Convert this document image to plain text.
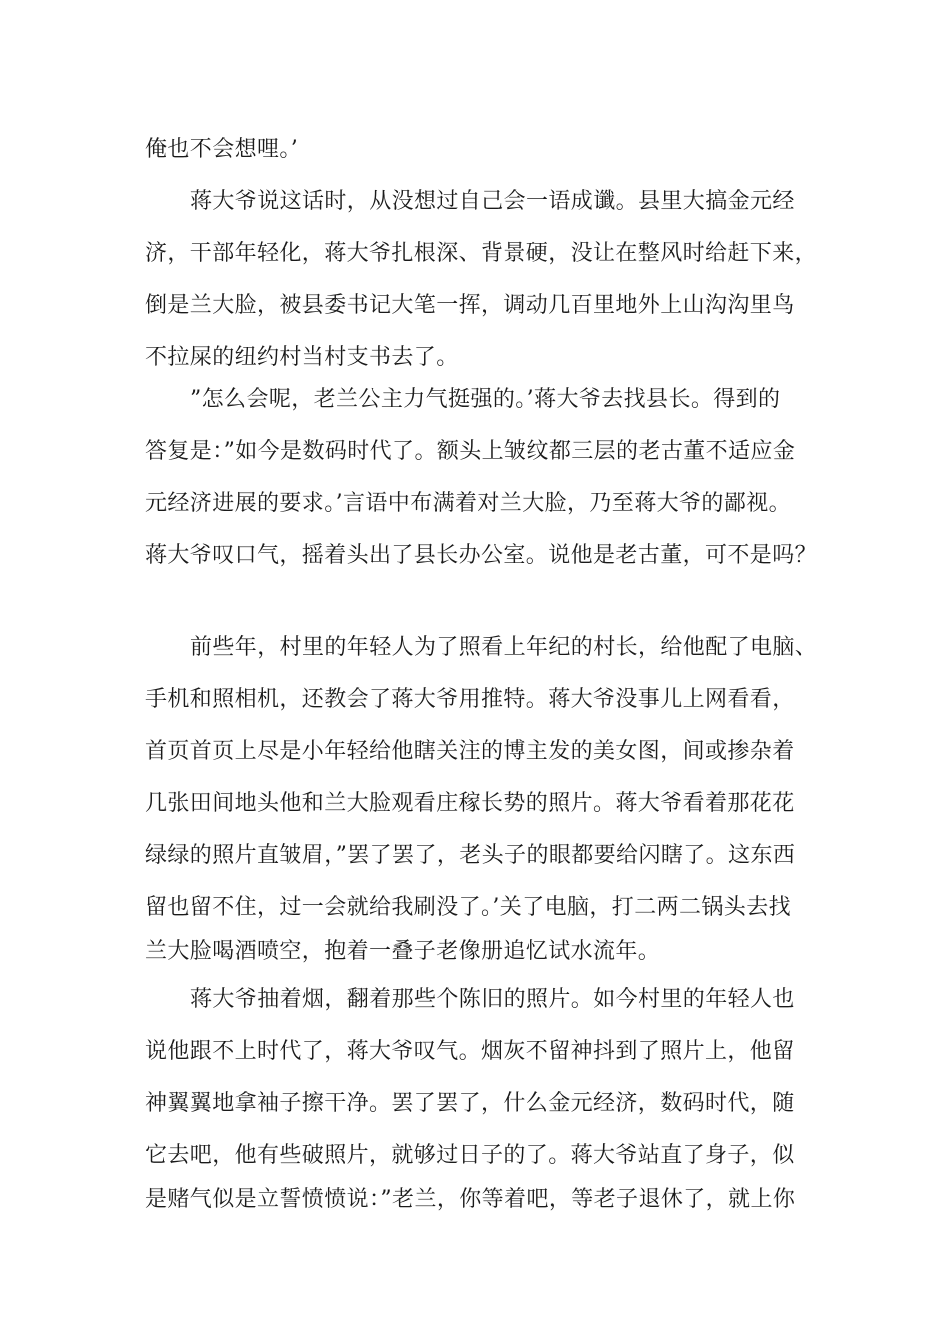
俺也不会想哩。’
蒋大爷说这话时，从没想过自己会一语成谶。县里大搞金元经
济，干部年轻化，蒋大爷扎根深、背景硬，没让在整风时给赶下来，
倒是兰大脸，被县委书记大笔一挥，调动几百里地外上山沟沟里鸟
不拉屎的纽约村当村支书去了。
”怎么会呢，老兰公主力气挺强的。’蒋大爷去找县长。得到的
答复是：”如今是数码时代了。额头上皱纹都三层的老古董不适应金
元经济进展的要求。’言语中布满着对兰大脸，乃至蒋大爷的鄙视。
蒋大爷叹口气，摇着头出了县长办公室。说他是老古董，可不是吗？
前些年，村里的年轻人为了照看上年纪的村长，给他配了电脑、
手机和照相机，还教会了蒋大爷用推特。蒋大爷没事儿上网看看，
首页首页上尽是小年轻给他瞎关注的博主发的美女图，间或掺杂着
几张田间地头他和兰大脸观看庄稼长势的照片。蒋大爷看着那花花
绿绿的照片直皱眉，”罢了罢了，老头子的眼都要给闪瞎了。这东西
留也留不住，过一会就给我刷没了。’关了电脑，打二两二锅头去找
兰大脸喝酒喷空，抱着一叠子老像册追忆试水流年。
蒋大爷抽着烟，翻着那些个陈旧的照片。如今村里的年轻人也
说他跟不上时代了，蒋大爷叹气。烟灰不留神抖到了照片上，他留
神翼翼地拿袖子擦干净。罢了罢了，什么金元经济，数码时代，随
它去吧，他有些破照片，就够过日子的了。蒋大爷站直了身子，似
是赌气似是立誓愤愤说：”老兰，你等着吧，等老子退休了，就上你
